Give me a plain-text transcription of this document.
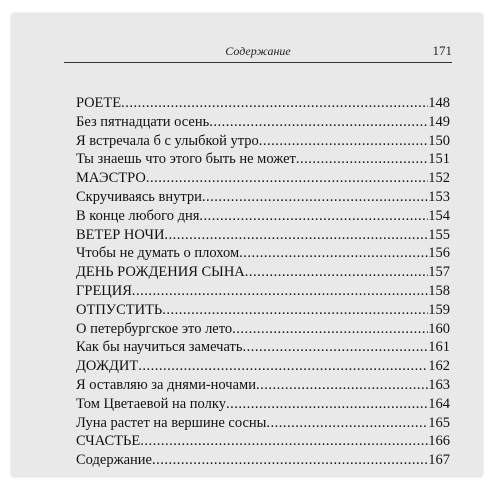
Содержание	171
POETE .....	148
Без пятнадцати осень .....	149
Я встречала б с улыбкой утро .....	150
Ты знаешь что этого быть не может .....	151
МАЭСТРО .....	152
Скручиваясь внутри .....	153
В конце любого дня .....	154
ВЕТЕР НОЧИ .....	155
Чтобы не думать о плохом .....	156
ДЕНЬ РОЖДЕНИЯ СЫНА .....	157
ГРЕЦИЯ .....	158
ОТПУСТИТЬ .....	159
О петербургское это лето .....	160
Как бы научиться замечать .....	161
ДОЖДИТ .....	162
Я оставляю за днями-ночами .....	163
Том Цветаевой на полку .....	164
Луна растет на вершине сосны .....	165
СЧАСТЬЕ .....	166
Содержание .....	167
